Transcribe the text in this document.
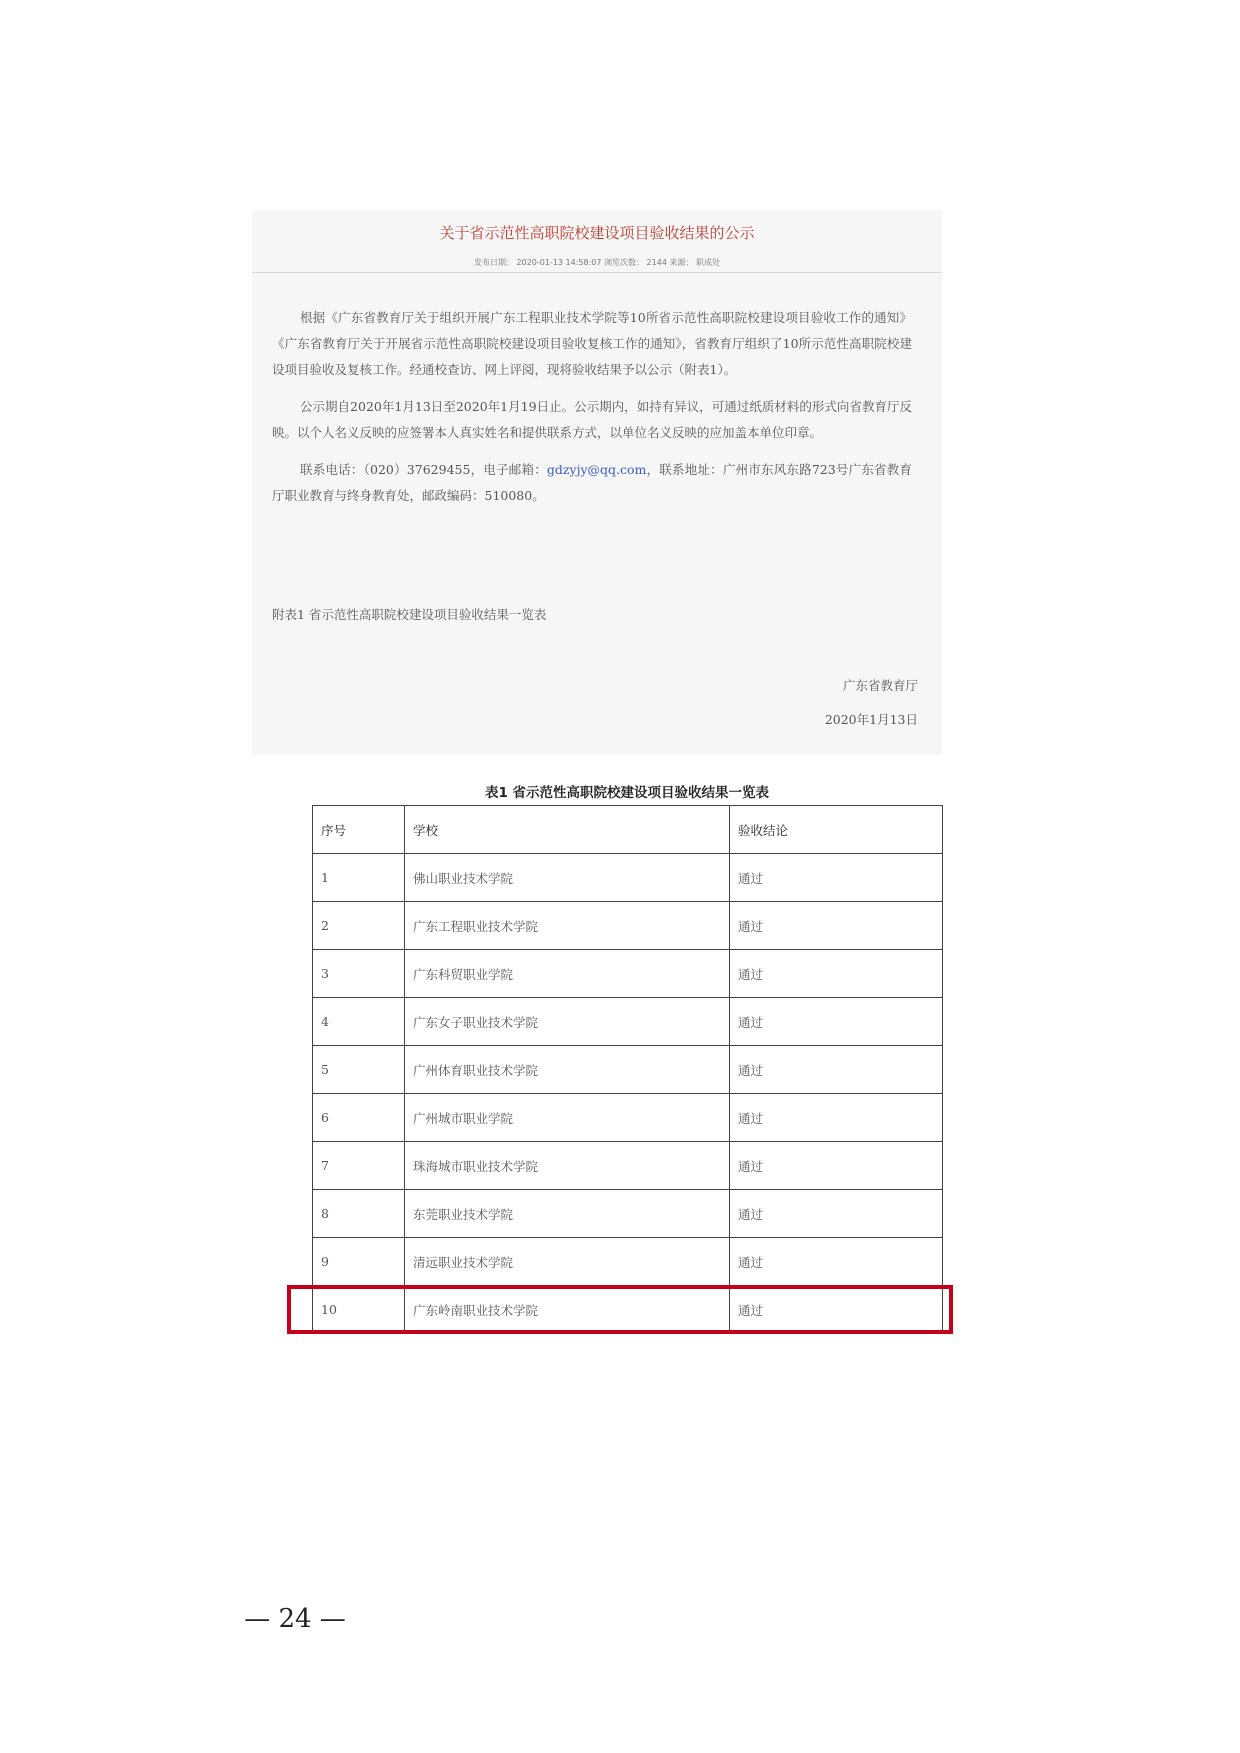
关于省示范性高职院校建设项目验收结果的公示
发布日期： 2020-01-13 14:58:07 浏览次数： 2144 来源： 职成处

根据《广东省教育厅关于组织开展广东工程职业技术学院等10所省示范性高职院校建设项目验收工作的通知》《广东省教育厅关于开展省示范性高职院校建设项目验收复核工作的通知》，省教育厅组织了10所示范性高职院校建设项目验收及复核工作。经通校查访、网上评阅，现将验收结果予以公示（附表1）。

公示期自2020年1月13日至2020年1月19日止。公示期内，如持有异议，可通过纸质材料的形式向省教育厅反映。以个人名义反映的应签署本人真实姓名和提供联系方式，以单位名义反映的应加盖本单位印章。

联系电话：（020）37629455，电子邮箱：gdzyjy@qq.com，联系地址：广州市东风东路723号广东省教育厅职业教育与终身教育处，邮政编码：510080。

附表1 省示范性高职院校建设项目验收结果一览表
广东省教育厅
2020年1月13日
表1 省示范性高职院校建设项目验收结果一览表
序号	学校	验收结论
1	佛山职业技术学院	通过
2	广东工程职业技术学院	通过
3	广东科贸职业学院	通过
4	广东女子职业技术学院	通过
5	广州体育职业技术学院	通过
6	广州城市职业学院	通过
7	珠海城市职业技术学院	通过
8	东莞职业技术学院	通过
9	清远职业技术学院	通过
10	广东岭南职业技术学院	通过
— 24 —
